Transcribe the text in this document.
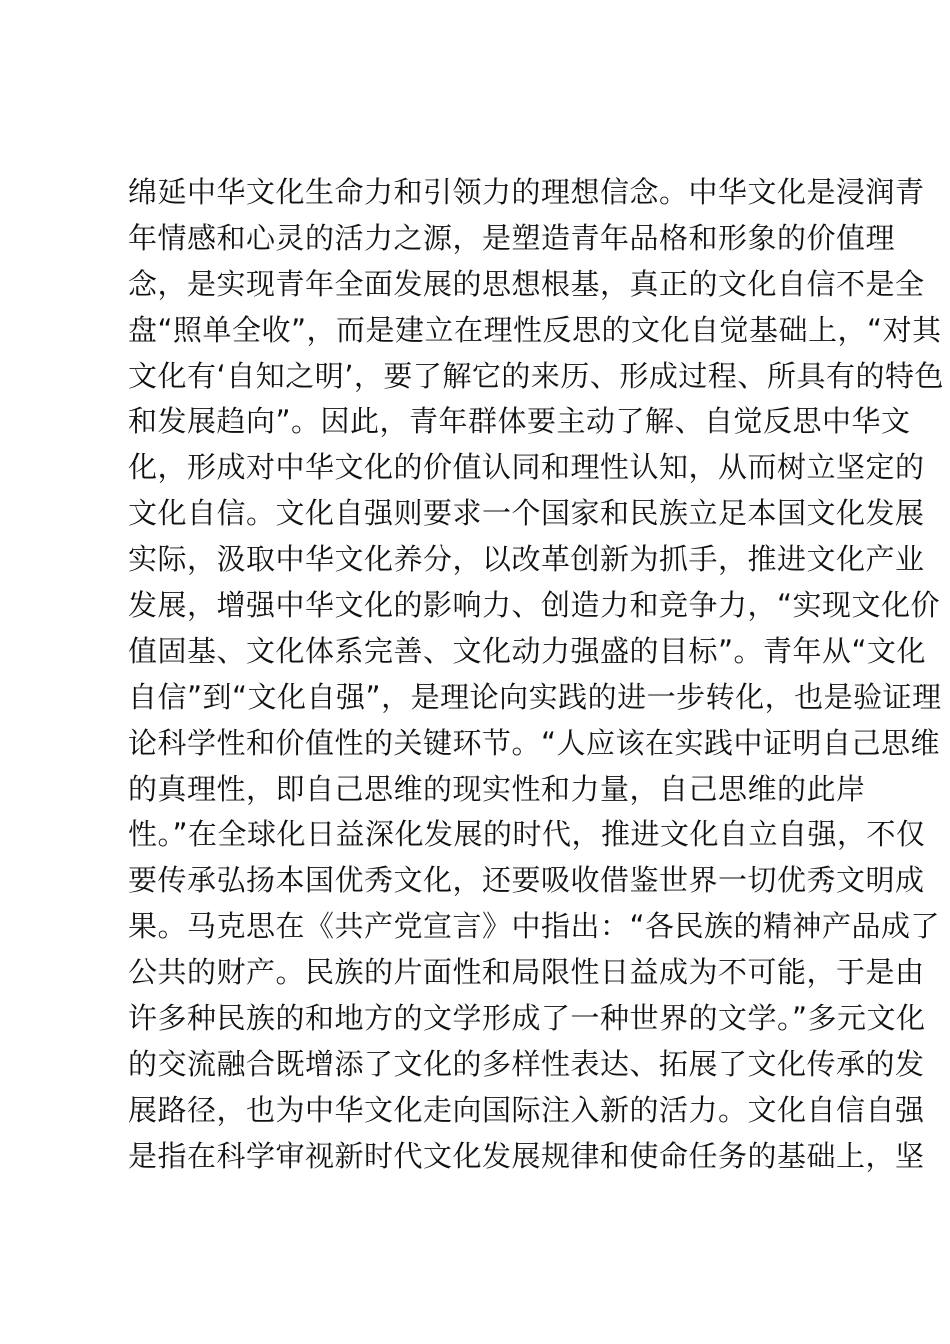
绵延中华文化生命力和引领力的理想信念。中华文化是浸润青
年情感和心灵的活力之源，是塑造青年品格和形象的价值理
念，是实现青年全面发展的思想根基，真正的文化自信不是全
盘“照单全收”，而是建立在理性反思的文化自觉基础上，“对其
文化有‘自知之明’，要了解它的来历、形成过程、所具有的特色
和发展趋向”。因此，青年群体要主动了解、自觉反思中华文
化，形成对中华文化的价值认同和理性认知，从而树立坚定的
文化自信。文化自强则要求一个国家和民族立足本国文化发展
实际，汲取中华文化养分，以改革创新为抓手，推进文化产业
发展，增强中华文化的影响力、创造力和竞争力，“实现文化价
值固基、文化体系完善、文化动力强盛的目标”。青年从“文化
自信”到“文化自强”，是理论向实践的进一步转化，也是验证理
论科学性和价值性的关键环节。“人应该在实践中证明自己思维
的真理性，即自己思维的现实性和力量，自己思维的此岸
性。”在全球化日益深化发展的时代，推进文化自立自强，不仅
要传承弘扬本国优秀文化，还要吸收借鉴世界一切优秀文明成
果。马克思在《共产党宣言》中指出：“各民族的精神产品成了
公共的财产。民族的片面性和局限性日益成为不可能，于是由
许多种民族的和地方的文学形成了一种世界的文学。”多元文化
的交流融合既增添了文化的多样性表达、拓展了文化传承的发
展路径，也为中华文化走向国际注入新的活力。文化自信自强
是指在科学审视新时代文化发展规律和使命任务的基础上，坚
